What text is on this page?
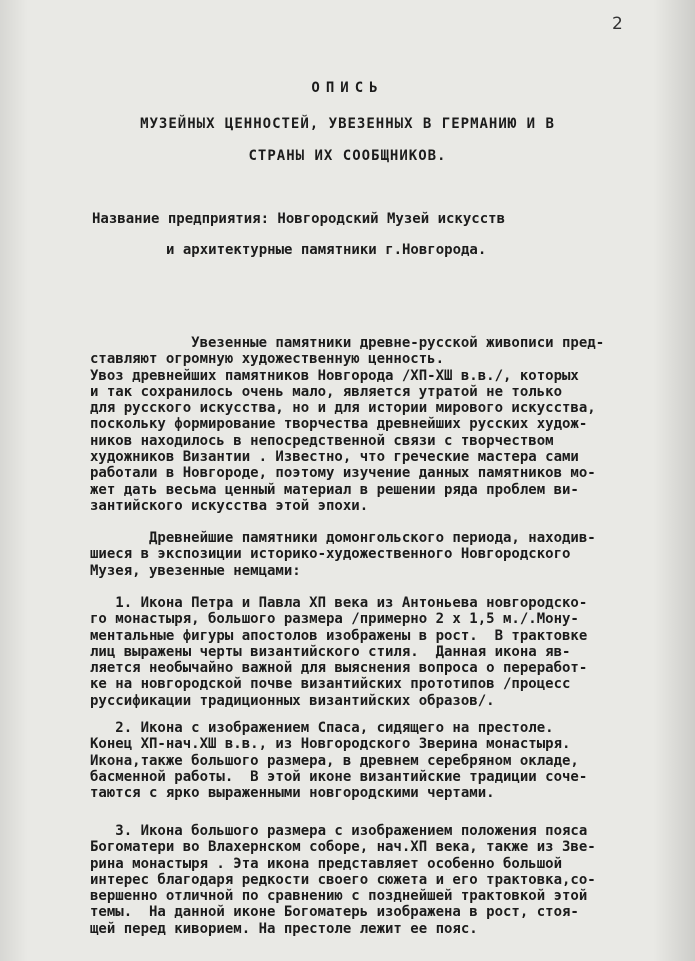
2
ОПИСЬ
МУЗЕЙНЫХ ЦЕННОСТЕЙ, УВЕЗЕННЫХ В ГЕРМАНИЮ И В
СТРАНЫ ИХ СООБЩНИКОВ.
Название предприятия: Новгородский Музей искусств
и архитектурные памятники г.Новгорода.
Увезенные памятники древне-русской живописи пред-
ставляют огромную художественную ценность.
Увоз древнейших памятников Новгорода /ХП-ХШ в.в./, которых
и так сохранилось очень мало, является утратой не только
для русского искусства, но и для истории мирового искусства,
поскольку формирование творчества древнейших русских худож-
ников находилось в непосредственной связи с творчеством
художников Византии . Известно, что греческие мастера сами
работали в Новгороде, поэтому изучение данных памятников мо-
жет дать весьма ценный материал в решении ряда проблем ви-
зантийского искусства этой эпохи.
Древнейшие памятники домонгольского периода, находив-
шиеся в экспозиции историко-художественного Новгородского
Музея, увезенные немцами:
1. Икона Петра и Павла ХП века из Антоньева новгородско-
го монастыря, большого размера /примерно 2 х 1,5 м./.Мону-
ментальные фигуры апостолов изображены в рост.  В трактовке
лиц выражены черты византийского стиля.  Данная икона яв-
ляется необычайно важной для выяснения вопроса о переработ-
ке на новгородской почве византийских прототипов /процесс
руссификации традиционных византийских образов/.
2. Икона с изображением Спаса, сидящего на престоле.
Конец ХП-нач.ХШ в.в., из Новгородского Зверина монастыря.
Икона,также большого размера, в древнем серебряном окладе,
басменной работы.  В этой иконе византийские традиции соче-
таются с ярко выраженными новгородскими чертами.
3. Икона большого размера с изображением положения пояса
Богоматери во Влахернском соборе, нач.ХП века, также из Зве-
рина монастыря . Эта икона представляет особенно большой
интерес благодаря редкости своего сюжета и его трактовка,со-
вершенно отличной по сравнению с позднейшей трактовкой этой
темы.  На данной иконе Богоматерь изображена в рост, стоя-
щей перед кивориeм. На престоле лежит ее пояс.
